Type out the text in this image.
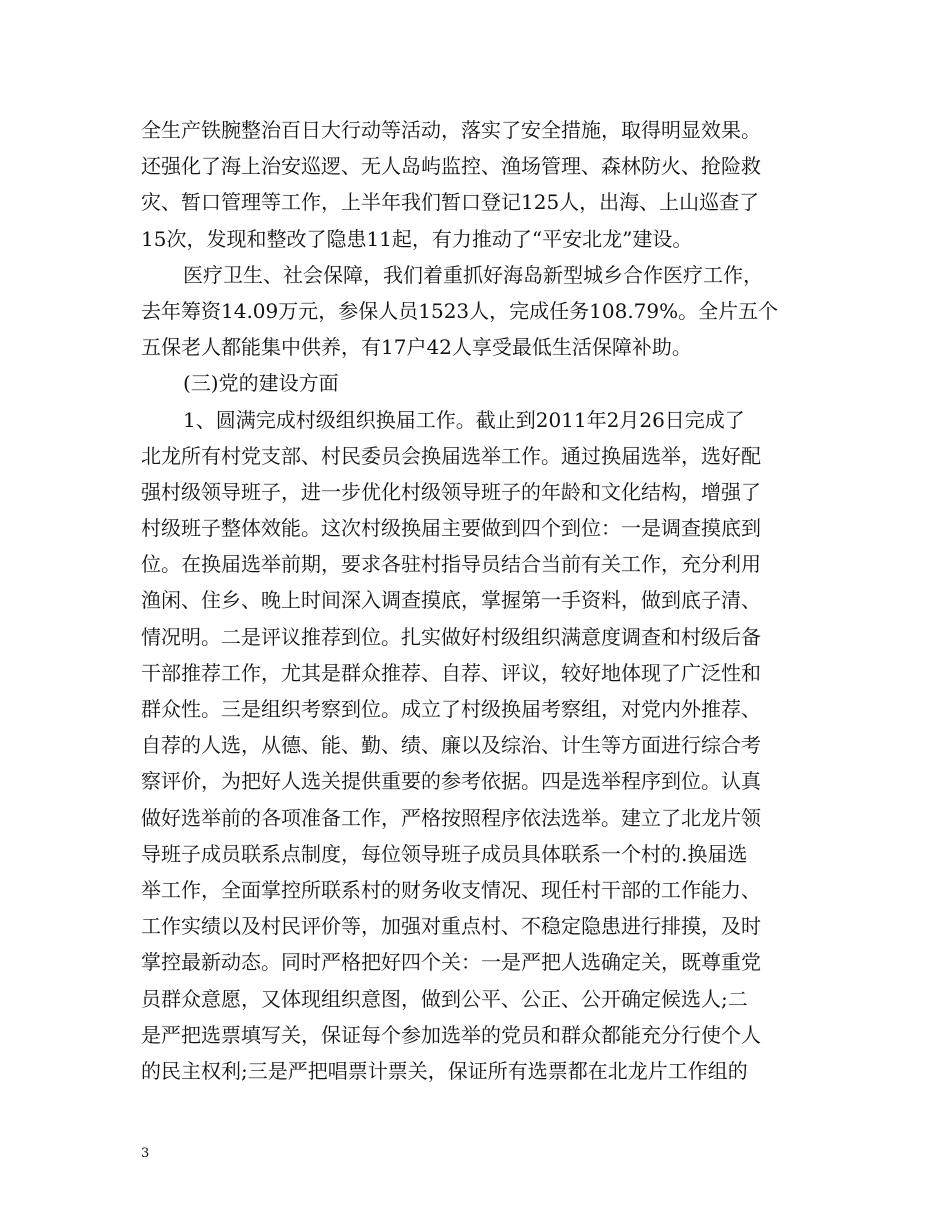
全生产铁腕整治百日大行动等活动，落实了安全措施，取得明显效果。
还强化了海上治安巡逻、无人岛屿监控、渔场管理、森林防火、抢险救
灾、暂口管理等工作，上半年我们暂口登记125人，出海、上山巡查了
15次，发现和整改了隐患11起，有力推动了“平安北龙”建设。
医疗卫生、社会保障，我们着重抓好海岛新型城乡合作医疗工作，
去年筹资14.09万元，参保人员1523人，完成任务108.79%。全片五个
五保老人都能集中供养，有17户42人享受最低生活保障补助。
(三)党的建设方面
1、圆满完成村级组织换届工作。截止到2011年2月26日完成了
北龙所有村党支部、村民委员会换届选举工作。通过换届选举，选好配
强村级领导班子，进一步优化村级领导班子的年龄和文化结构，增强了
村级班子整体效能。这次村级换届主要做到四个到位：一是调查摸底到
位。在换届选举前期，要求各驻村指导员结合当前有关工作，充分利用
渔闲、住乡、晚上时间深入调查摸底，掌握第一手资料，做到底子清、
情况明。二是评议推荐到位。扎实做好村级组织满意度调查和村级后备
干部推荐工作，尤其是群众推荐、自荐、评议，较好地体现了广泛性和
群众性。三是组织考察到位。成立了村级换届考察组，对党内外推荐、
自荐的人选，从德、能、勤、绩、廉以及综治、计生等方面进行综合考
察评价，为把好人选关提供重要的参考依据。四是选举程序到位。认真
做好选举前的各项准备工作，严格按照程序依法选举。建立了北龙片领
导班子成员联系点制度，每位领导班子成员具体联系一个村的.换届选
举工作，全面掌控所联系村的财务收支情况、现任村干部的工作能力、
工作实绩以及村民评价等，加强对重点村、不稳定隐患进行排摸，及时
掌控最新动态。同时严格把好四个关：一是严把人选确定关，既尊重党
员群众意愿，又体现组织意图，做到公平、公正、公开确定候选人;二
是严把选票填写关，保证每个参加选举的党员和群众都能充分行使个人
的民主权利;三是严把唱票计票关，保证所有选票都在北龙片工作组的
3
